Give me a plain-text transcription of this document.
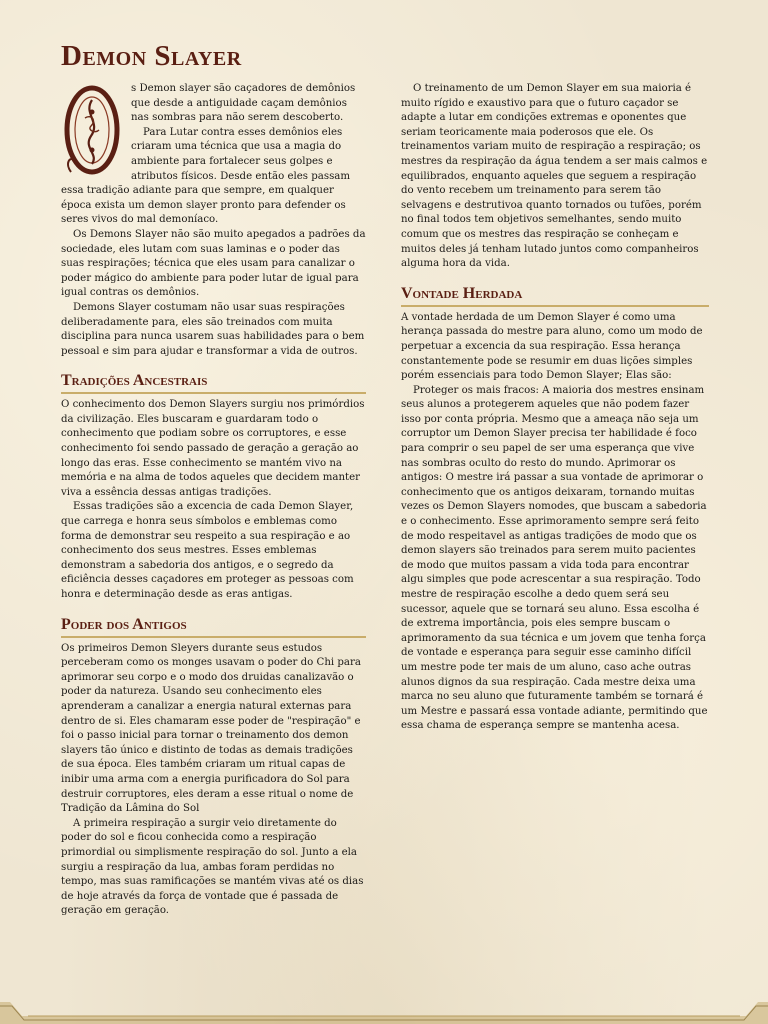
Demon Slayer

s Demon slayer são caçadores de demônios que desde a antiguidade caçam demônios nas sombras para não serem descoberto.

Para Lutar contra esses demônios eles criaram uma técnica que usa a magia do ambiente para fortalecer seus golpes e atributos físicos. Desde então eles passam essa tradição adiante para que sempre, em qualquer época exista um demon slayer pronto para defender os seres vivos do mal demoníaco.

Os Demons Slayer não são muito apegados a padrões da sociedade, eles lutam com suas laminas e o poder das suas respirações; técnica que eles usam para canalizar o poder mágico do ambiente para poder lutar de igual para igual contras os demônios.

Demons Slayer costumam não usar suas respirações deliberadamente para, eles são treinados com muita disciplina para nunca usarem suas habilidades para o bem pessoal e sim para ajudar e transformar a vida de outros.

Tradições Ancestrais

O conhecimento dos Demon Slayers surgiu nos primórdios da civilização. Eles buscaram e guardaram todo o conhecimento que podiam sobre os corruptores, e esse conhecimento foi sendo passado de geração a geração ao longo das eras. Esse conhecimento se mantém vivo na memória e na alma de todos aqueles que decidem manter viva a essência dessas antigas tradições.

Essas tradições são a excencia de cada Demon Slayer, que carrega e honra seus símbolos e emblemas como forma de demonstrar seu respeito a sua respiração e ao conhecimento dos seus mestres. Esses emblemas demonstram a sabedoria dos antigos, e o segredo da eficiência desses caçadores em proteger as pessoas com honra e determinação desde as eras antigas.

Poder dos Antigos

Os primeiros Demon Sleyers durante seus estudos perceberam como os monges usavam o poder do Chi para aprimorar seu corpo e o modo dos druidas canalizavão o poder da natureza. Usando seu conhecimento eles aprenderam a canalizar a energia natural externas para dentro de si. Eles chamaram esse poder de "respiração" e foi o passo inicial para tornar o treinamento dos demon slayers tão único e distinto de todas as demais tradições de sua época. Eles também criaram um ritual capas de inibir uma arma com a energia purificadora do Sol para destruir corruptores, eles deram a esse ritual o nome de Tradição da Lâmina do Sol

A primeira respiração a surgir veio diretamente do poder do sol e ficou conhecida como a respiração primordial ou simplismente respiração do sol. Junto a ela surgiu a respiração da lua, ambas foram perdidas no tempo, mas suas ramificações se mantém vivas até os dias de hoje através da força de vontade que é passada de geração em geração.

O treinamento de um Demon Slayer em sua maioria é muito rígido e exaustivo para que o futuro caçador se adapte a lutar em condições extremas e oponentes que seriam teoricamente maia poderosos que ele. Os treinamentos variam muito de respiração a respiração; os mestres da respiração da água tendem a ser mais calmos e equilibrados, enquanto aqueles que seguem a respiração do vento recebem um treinamento para serem tão selvagens e destrutivoa quanto tornados ou tufões, porém no final todos tem objetivos semelhantes, sendo muito comum que os mestres das respiração se conheçam e muitos deles já tenham lutado juntos como companheiros alguma hora da vida.

Vontade Herdada

A vontade herdada de um Demon Slayer é como uma herança passada do mestre para aluno, como um modo de perpetuar a excencia da sua respiração. Essa herança constantemente pode se resumir em duas lições simples porém essenciais para todo Demon Slayer; Elas são:

Proteger os mais fracos: A maioria dos mestres ensinam seus alunos a protegerem aqueles que não podem fazer isso por conta própria. Mesmo que a ameaça não seja um corruptor um Demon Slayer precisa ter habilidade é foco para comprir o seu papel de ser uma esperança que vive nas sombras oculto do resto do mundo. Aprimorar os antigos: O mestre irá passar a sua vontade de aprimorar o conhecimento que os antigos deixaram, tornando muitas vezes os Demon Slayers nomodes, que buscam a sabedoria e o conhecimento. Esse aprimoramento sempre será feito de modo respeitavel as antigas tradições de modo que os demon slayers são treinados para serem muito pacientes de modo que muitos passam a vida toda para encontrar algu simples que pode acrescentar a sua respiração. Todo mestre de respiração escolhe a dedo quem será seu sucessor, aquele que se tornará seu aluno. Essa escolha é de extrema importância, pois eles sempre buscam o aprimoramento da sua técnica e um jovem que tenha força de vontade e esperança para seguir esse caminho difícil um mestre pode ter mais de um aluno, caso ache outras alunos dignos da sua respiração. Cada mestre deixa uma marca no seu aluno que futuramente também se tornará é um Mestre e passará essa vontade adiante, permitindo que essa chama de esperança sempre se mantenha acesa.
